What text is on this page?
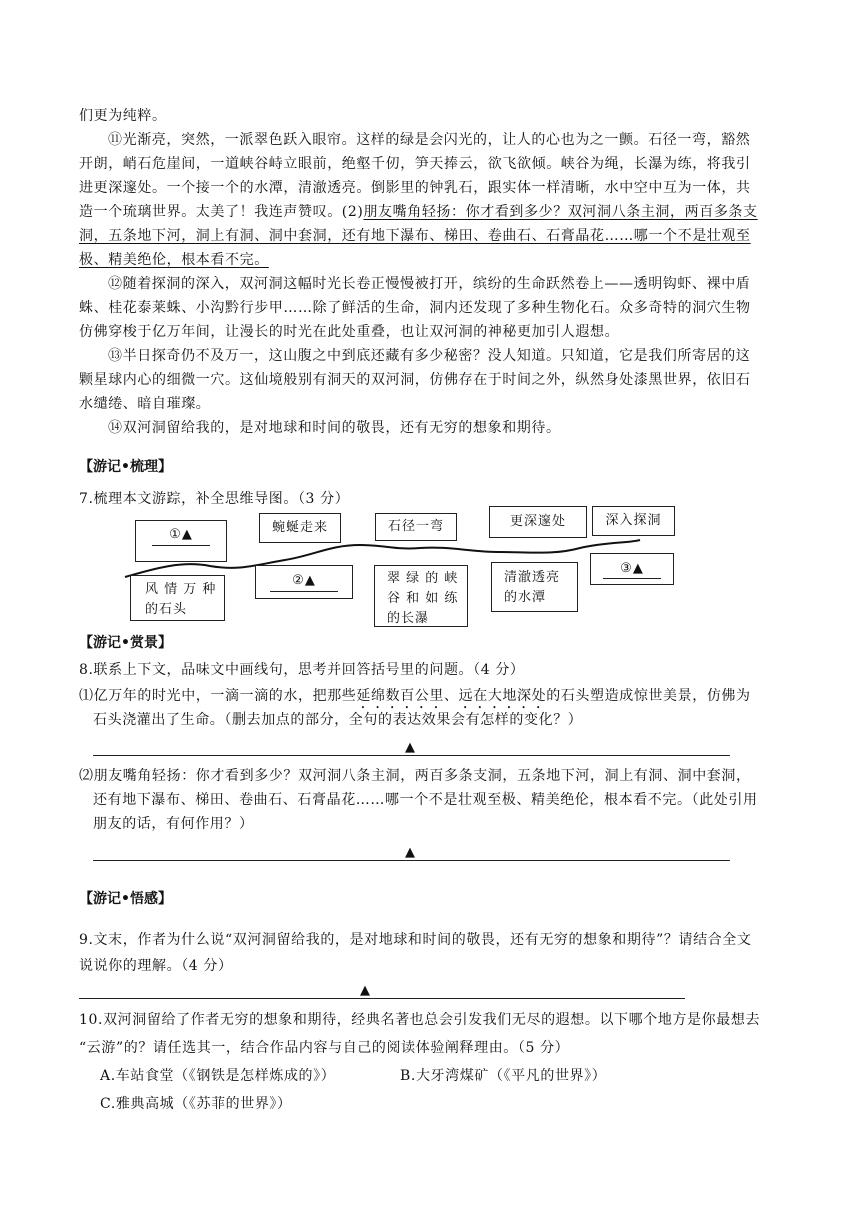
们更为纯粹。
⑪光渐亮，突然，一派翠色跃入眼帘。这样的绿是会闪光的，让人的心也为之一颤。石径一弯，豁然
开朗，峭石危崖间，一道峡谷峙立眼前，绝壑千仞，笋天捧云，欲飞欲倾。峡谷为绳，长瀑为练，将我引
进更深邃处。一个接一个的水潭，清澈透亮。倒影里的钟乳石，跟实体一样清晰，水中空中互为一体，共
造一个琉璃世界。太美了！我连声赞叹。(2)朋友嘴角轻扬：你才看到多少？双河洞八条主洞，两百多条支
洞，五条地下河，洞上有洞、洞中套洞，还有地下瀑布、梯田、卷曲石、石膏晶花……哪一个不是壮观至
极、精美绝伦，根本看不完。
⑫随着探洞的深入，双河洞这幅时光长卷正慢慢被打开，缤纷的生命跃然卷上——透明钩虾、裸中盾
蛛、桂花泰莱蛛、小沟黔行步甲……除了鲜活的生命，洞内还发现了多种生物化石。众多奇特的洞穴生物
仿佛穿梭于亿万年间，让漫长的时光在此处重叠，也让双河洞的神秘更加引人遐想。
⑬半日探奇仍不及万一，这山腹之中到底还藏有多少秘密？没人知道。只知道，它是我们所寄居的这
颗星球内心的细微一穴。这仙境般别有洞天的双河洞，仿佛存在于时间之外，纵然身处漆黑世界，依旧石
水缱绻、暗自璀璨。
⑭双河洞留给我的，是对地球和时间的敬畏，还有无穷的想象和期待。
【游记•梳理】
7.梳理本文游踪，补全思维导图。（3 分）
①▲	蜿蜒走来	石径一弯	更深邃处	深入探洞
风 情 万 种
的石头
②▲	翠 绿 的 峡
谷 和 如 练
的长瀑
清澈透亮
的水潭
③▲
【游记•赏景】
8.联系上下文，品味文中画线句，思考并回答括号里的问题。（4 分）
⑴亿万年的时光中，一滴一滴的水，把那些延绵数百公里、远在大地深处的石头塑造成惊世美景，仿佛为
石头浇灌出了生命。（删去加点的部分，全句的表达效果会有怎样的变化？）
▲
⑵朋友嘴角轻扬：你才看到多少？双河洞八条主洞，两百多条支洞，五条地下河，洞上有洞、洞中套洞，
还有地下瀑布、梯田、卷曲石、石膏晶花……哪一个不是壮观至极、精美绝伦，根本看不完。（此处引用
朋友的话，有何作用？）
▲
【游记•悟感】
9.文末，作者为什么说“双河洞留给我的，是对地球和时间的敬畏，还有无穷的想象和期待”？请结合全文
说说你的理解。（4 分）
▲
10.双河洞留给了作者无穷的想象和期待，经典名著也总会引发我们无尽的遐想。以下哪个地方是你最想去
“云游”的？请任选其一，结合作品内容与自己的阅读体验阐释理由。（5 分）
A.车站食堂（《钢铁是怎样炼成的》）	B.大牙湾煤矿（《平凡的世界》）
C.雅典高城（《苏菲的世界》）
